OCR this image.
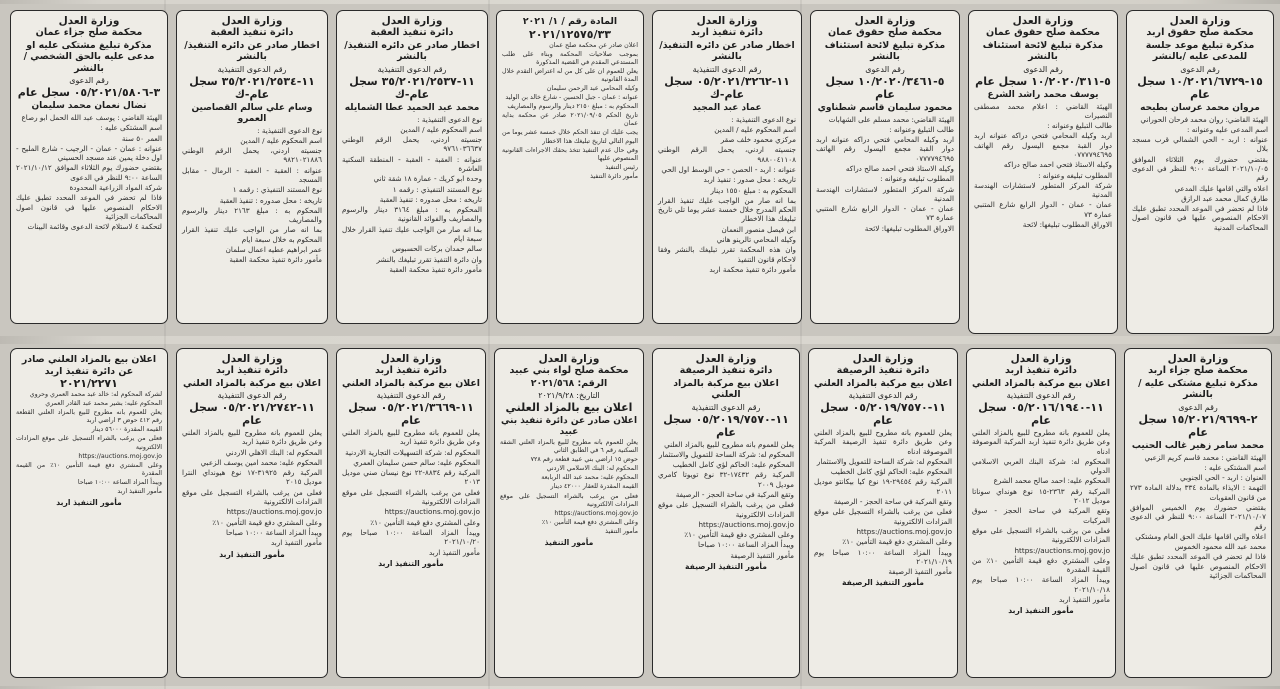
وزارة العدل
محكمة صلح حقوق اربد
مذكرة تبليغ موعد جلسة للمدعى عليه /بالنشر
رقم الدعوى
١٥-١٠/٢٠٢١/٦٧٢٩ سجل عام
مروان محمد عرسان بطيحه
الهيئة القاضي: روان محمد فرحان الحوراني
اسم المدعى عليه وعنوانه :
عنوانه : اربد - الحي الشمالي قرب مسجد بلال
بقتضي حضورك يوم الثلاثاء الموافق ٢٠٢١/١٠/٠٥ الساعة ٩:٠٠ للنظر في الدعوى رقم
اعلاه والتي اقامها عليك المدعي
طارق كمال محمد عبد الرازق
فاذا لم تحضر في الموعد المحدد تطبق عليك الاحكام المنصوص عليها في قانون اصول المحاكمات المدنية
وزارة العدل
محكمة صلح حقوق عمان
مذكرة تبليغ لائحة استئناف بالنشر
رقم الدعوى
٥-١٠/٢٠٢٠/٣١١ سجل عام
يوسف محمد راشد الشرع
الهيئة القاضي : اعلام محمد مصطفى النصيرات
طالب التبليغ وعنوانه :
اربد وكيله المحامي فتحي دراكه عنوانه اربد دوار القبة مجمع اليسول رقم الهاتف ٠٧٧٧٧٩٤٦٩٥
وكيله الاستاذ فتحي احمد صالح دراكه
المطلوب تبليغه وعنوانه :
شركة المركز المتطور لاستشارات الهندسة المدنية
عمان - عمان - الدوار الرابع شارع المتنبي عمارة ٧٣
الاوراق المطلوب تبليغها: لائحة
وزارة العدل
محكمة صلح حقوق عمان
مذكرة تبليغ لائحة استئناف بالنشر
رقم الدعوى
٥-١٠/٢٠٢٠/٣٤٦١ سجل عام
محمود سليمان قاسم شطناوي
الهيئة القاضي: محمد مسلم على الشهابات
طالب التبليغ وعنوانه :
اربد وكيله المحامي فتحي دراكه عنوانه اربد دوار القبة مجمع اليسول رقم الهاتف ٠٧٧٧٧٩٤٦٩٥
وكيله الاستاذ فتحي احمد صالح دراكه
المطلوب تبليغه وعنوانه :
شركة المركز المتطور لاستشارات الهندسة المدنية
عمان - عمان - الدوار الرابع شارع المتنبي عمارة ٧٣
الاوراق المطلوب تبليغها: لائحة
وزارة العدل
دائرة تنفيذ اربد
اخطار صادر عن دائره التنفيذ/ بالنشر
رقم الدعوى التنفيذية
١١-٠٥/٢٠٢١/٣٢٦٢ سجل عام-ك
عماد عبد المجيد
نوع الدعوى التنفيذية :
اسم المحكوم عليه / المدين
مركزي محمود خلف صقر
جنسيته اردني، يحمل الرقم الوطني ٩٨٨٠٠٤١١٠٨
عنوانه : اربد - الحصن - حي الوسط اول الحي
تاريخه : محل صدور : تنفيذ اربد
المحكوم به : مبلغ ١٥٥٠ دينار
بما انه صار من الواجب عليك تنفيذ القرار الحكم المدرج خلال خمسة عشر يوما تلي تاريخ تبليغك هذا الاخطار
ابن فيصل منصور النعمان
وكيله المحامي تالرينو هاني
وان هذه المحكمة تقرر تبليغك بالنشر وفقا لاحكام قانون التنفيذ
مأمور دائرة تنفيذ محكمة اربد
المادة رقم / ١/ ٢٠٢١
٢٠٢١/١٢٥٧٥/٣٣
اعلان صادر عن محكمة صلح عمان
بموجب صلاحيات المحكمة وبناء على طلب المستدعي المقدم في القضية المذكورة
يعلن للعموم ان على كل من له اعتراض التقدم خلال المدة القانونية
وكيله المحامي عبد الرحمن سليمان
عنوانه : عمان - جبل الحسين - شارع خالد بن الوليد
المحكوم به : مبلغ ٢١٥٠ دينار والرسوم والمصاريف
تاريخ الحكم ٢٠٢١/٠٩/٠٥ صادر عن محكمة بداية عمان
يجب عليك ان تنفذ الحكم خلال خمسة عشر يوما من اليوم التالي لتاريخ تبليغك هذا الاخطار
وفي حال عدم التنفيذ تتخذ بحقك الاجراءات القانونية المنصوص عليها
رئيس التنفيذ
مأمور دائرة التنفيذ
وزارة العدل
دائرة تنفيذ العقبة
اخطار صادر عن دائره التنفيذ/ بالنشر
رقم الدعوى التنفيذية
١١-٣٥/٢٠٢١/٢٥٣٧ سجل عام-ك
محمد عبد الحميد عطا الشمايله
نوع الدعوى التنفيذية :
اسم المحكوم عليه / المدين
جنسيته اردني، يحمل الرقم الوطني ٩٧٦١٠٣٦٦٣٧
عنوانه : العقبة - العقبة - المنطقة السكنية العاشرة
وحدة ابو كريك - عمارة ١٨ شقة ثاني
نوع المستند التنفيذي : رقمه ١
تاريخه : محل صدوره : تنفيذ العقبة
المحكوم به : مبلغ ٣١٦٤ دينار والرسوم والمصاريف والفوائد القانونية
بما انه صار من الواجب عليك تنفيذ القرار خلال سبعة ايام
سالم حمدان بركات الحسبوس
وان دائرة التنفيذ تقرر تبليغك بالنشر
مأمور دائرة تنفيذ محكمة العقبة
وزارة العدل
دائرة تنفيذ العقبة
اخطار صادر عن دائره التنفيذ/ بالنشر
رقم الدعوى التنفيذية
١١-٣٥/٢٠٢١/٢٥٣٤ سجل عام-ك
وسام علي سالم القصاصين العمرو
نوع الدعوى التنفيذية :
اسم المحكوم عليه / المدين
جنسيته اردني، يحمل الرقم الوطني ٩٨٢١٠٢١٨٨٦
عنوانه : العقبة - العقبة - الرمال - مقابل المسجد
نوع المستند التنفيذي : رقمه ١
تاريخه : محل صدوره : تنفيذ العقبة
المحكوم به : مبلغ ٢١٦٣ دينار والرسوم والمصاريف
بما انه صار من الواجب عليك تنفيذ القرار المحكوم به خلال سبعة ايام
عمر ابراهيم عطيه اعمال سلمان
مأمور دائرة تنفيذ محكمة العقبة
وزارة العدل
محكمة صلح جزاء عمان
مذكرة تبليغ مشتكى عليه او مدعى عليه بالحق الشخصي /بالنشر
رقم الدعوى
٣-٠٥/٢٠٢١/٥٨٠٦ سجل عام
نضال نعمان محمد سليمان
الهيئة القاضي : يوسف عبد الله الحمل ابو رصاع
اسم المشتكى عليه :
العمر ٥٠ سنة
عنوانه : عمان - عمان - الرجيب - شارع المليح - اول دخلة يمين عند مسجد الحسيني
بقتضي حضورك يوم الثلاثاء الموافق ٢٠٢١/١٠/١٢ الساعة ٩:٠٠ للنظر في الدعوى
شركة المواد الزراعية المحدودة
فاذا لم تحضر في الموعد المحدد تطبق عليك الاحكام المنصوص عليها في قانون اصول المحاكمات الجزائية
لتحكمة ٤ لاستلام لائحة الدعوى وقائمة البينات
وزارة العدل
محكمة صلح جزاء اربد
مذكرة تبليغ مشتكى عليه /بالنشر
رقم الدعوى
٢-١٥/٢٠٢١/٩٦٩٩ سجل عام
محمد سامر زهير غالب الحنيب
الهيئة القاضي : محمد قاسم كريم الزعبي
اسم المشتكى عليه :
العنوان : اربد - الحي الجنوبي
التهمة : الايذاء بالمادة ٣٣٤ بدلالة المادة ٢٧٣ من قانون العقوبات
بقتضي حضورك يوم الخميس الموافق ٢٠٢١/١٠/٠٧ الساعة ٩:٠٠ للنظر في الدعوى رقم
اعلاه والتي اقامها عليك الحق العام ومشتكي
محمد عبد الله محمود الخموس
فاذا لم تحضر في الموعد المحدد تطبق عليك الاحكام المنصوص عليها في قانون اصول المحاكمات الجزائية
وزارة العدل
دائرة تنفيذ اربد
اعلان بيع مركبة بالمزاد العلني
رقم الدعوى التنفيذية
١١-٠٥/٢٠١٦/١٩٤٠ سجل عام
يعلن للعموم بانه مطروح للبيع بالمزاد العلني وعن طريق دائرة تنفيذ اربد المركبة الموصوفة ادناه
المحكوم له: شركة البنك العربي الاسلامي الدولي
المحكوم عليه: احمد صالح محمد الشرع
المركبة رقم ٢٣٦٣-١٥ نوع هونداي سوناتا موديل ٢٠١٢
وتقع المركبة في ساحة الحجز - سوق المركبات
فعلى من يرغب بالشراء التسجيل على موقع المزادات الالكترونية
https://auctions.moj.gov.jo
وعلى المشتري دفع قيمة التأمين ١٠٪ من القيمة المقدرة
ويبدأ المزاد الساعة ١٠:٠٠ صباحا يوم ٢٠٢١/١٠/١٨
مأمور التنفيذ اربد
مأمور التنفيذ اربد
وزارة العدل
دائرة تنفيذ الرصيفة
اعلان بيع مركبة بالمزاد العلني
رقم الدعوى التنفيذية
١١-٠٥/٢٠١٩/٧٥٧٠ سجل عام
يعلن للعموم بانه مطروح للبيع بالمزاد العلني وعن طريق دائرة تنفيذ الرصيفة المركبة الموصوفة ادناه
المحكوم له: شركة الساحة للتمويل والاستثمار
المحكوم عليه: الحاكم لؤي كامل الخطيب
المركبة رقم ٢٩٤٥٤-١٩ نوع كيا بيكانتو موديل ٢٠١١
وتقع المركبة في ساحة الحجز - الرصيفة
فعلى من يرغب بالشراء التسجيل على موقع المزادات الالكترونية
https://auctions.moj.gov.jo
وعلى المشتري دفع قيمة التأمين ١٠٪
ويبدأ المزاد الساعة ١٠:٠٠ صباحا يوم ٢٠٢١/١٠/١٩
مأمور التنفيذ الرصيفة
مأمور التنفيذ الرصيفة
وزارة العدل
دائرة تنفيذ الرصيفة
اعلان بيع مركبة بالمزاد العلني
رقم الدعوى التنفيذية
١١-٠٥/٢٠١٩/٧٥٧٠ سجل عام
يعلن للعموم بانه مطروح للبيع بالمزاد العلني
المحكوم له: شركة الساحة للتمويل والاستثمار
المحكوم عليه: الحاكم لؤي كامل الخطيب
المركبة رقم ١٧٤٣٢-٣٢ نوع تويوتا كامري موديل ٢٠٠٩
وتقع المركبة في ساحة الحجز - الرصيفة
فعلى من يرغب بالشراء التسجيل على موقع المزادات الالكترونية
https://auctions.moj.gov.jo
وعلى المشتري دفع قيمة التأمين ١٠٪
ويبدأ المزاد الساعة ١٠:٠٠ صباحا
مأمور التنفيذ الرصيفة
مأمور التنفيذ الرصيفة
وزارة العدل
محكمة صلح لواء بني عبيد
الرقم: ٢٠٢١/٥٦٨
التاريخ: ٢٠٢١/٩/٢٨
اعلان بيع بالمزاد العلني
اعلان صادر عن دائرة تنفيذ بني عبيد
يعلن للعموم بانه مطروح للبيع بالمزاد العلني الشقة السكنية رقم ٦ في الطابق الثاني
حوض ١٥ اراضي بني عبيد قطعة رقم ٧٢٨
المحكوم له: البنك الاسلامي الاردني
المحكوم عليه: محمد عبد الله الربابعة
القيمة المقدرة للعقار ٤٢٠٠٠ دينار
فعلى من يرغب بالشراء التسجيل على موقع المزادات الالكترونية
https://auctions.moj.gov.jo
وعلى المشتري دفع قيمة التأمين ١٠٪
مأمور التنفيذ
مأمور التنفيذ
وزارة العدل
دائرة تنفيذ اربد
اعلان بيع مركبة بالمزاد العلني
رقم الدعوى التنفيذية
١١-٠٥/٢٠٢١/٣٦٦٩ سجل عام
يعلن للعموم بانه مطروح للبيع بالمزاد العلني وعن طريق دائرة تنفيذ اربد
المحكوم له: شركة التسهيلات التجارية الاردنية
المحكوم عليه: سالم حسن سليمان العمري
المركبة رقم ٨٨٣٤-٢٢ نوع نيسان صني موديل ٢٠١٣
فعلى من يرغب بالشراء التسجيل على موقع المزادات الالكترونية
https://auctions.moj.gov.jo
وعلى المشتري دفع قيمة التأمين ١٠٪
ويبدأ المزاد الساعة ١٠:٠٠ صباحا يوم ٢٠٢١/١٠/٢٠
مأمور التنفيذ اربد
مأمور التنفيذ اربد
وزارة العدل
دائرة تنفيذ اربد
اعلان بيع مركبة بالمزاد العلني
رقم الدعوى التنفيذية
١١-٠٥/٢٠٢١/٢٧٤٢ سجل عام
يعلن للعموم بانه مطروح للبيع بالمزاد العلني وعن طريق دائرة تنفيذ اربد
المحكوم له: البنك الاهلي الاردني
المحكوم عليه: محمد امين يوسف الزعبي
المركبة رقم ٣١٩٢٥-١٧ نوع هيونداي النترا موديل ٢٠١٥
فعلى من يرغب بالشراء التسجيل على موقع المزادات الالكترونية
https://auctions.moj.gov.jo
وعلى المشتري دفع قيمة التأمين ١٠٪
ويبدأ المزاد الساعة ١٠:٠٠ صباحا
مأمور التنفيذ اربد
مأمور التنفيذ اربد
اعلان بيع بالمزاد العلني صادر عن دائرة تنفيذ اربد
٢٠٢١/٢٢٧١
لشركة المحكوم له: خالد عبد محمد العمري وحروي
المحكوم عليه: بشير محمد عبد القادر العمري
يعلن للعموم بانه مطروح للبيع بالمزاد العلني القطعة رقم ٤١٢ حوض ٣ اراضي اربد
القيمة المقدرة ٥٦٠٠٠ دينار
فعلى من يرغب بالشراء التسجيل على موقع المزادات الالكترونية
https://auctions.moj.gov.jo
وعلى المشتري دفع قيمة التأمين ١٠٪ من القيمة المقدرة
ويبدأ المزاد الساعة ١٠:٠٠ صباحا
مأمور التنفيذ اربد
مأمور التنفيذ اربد
